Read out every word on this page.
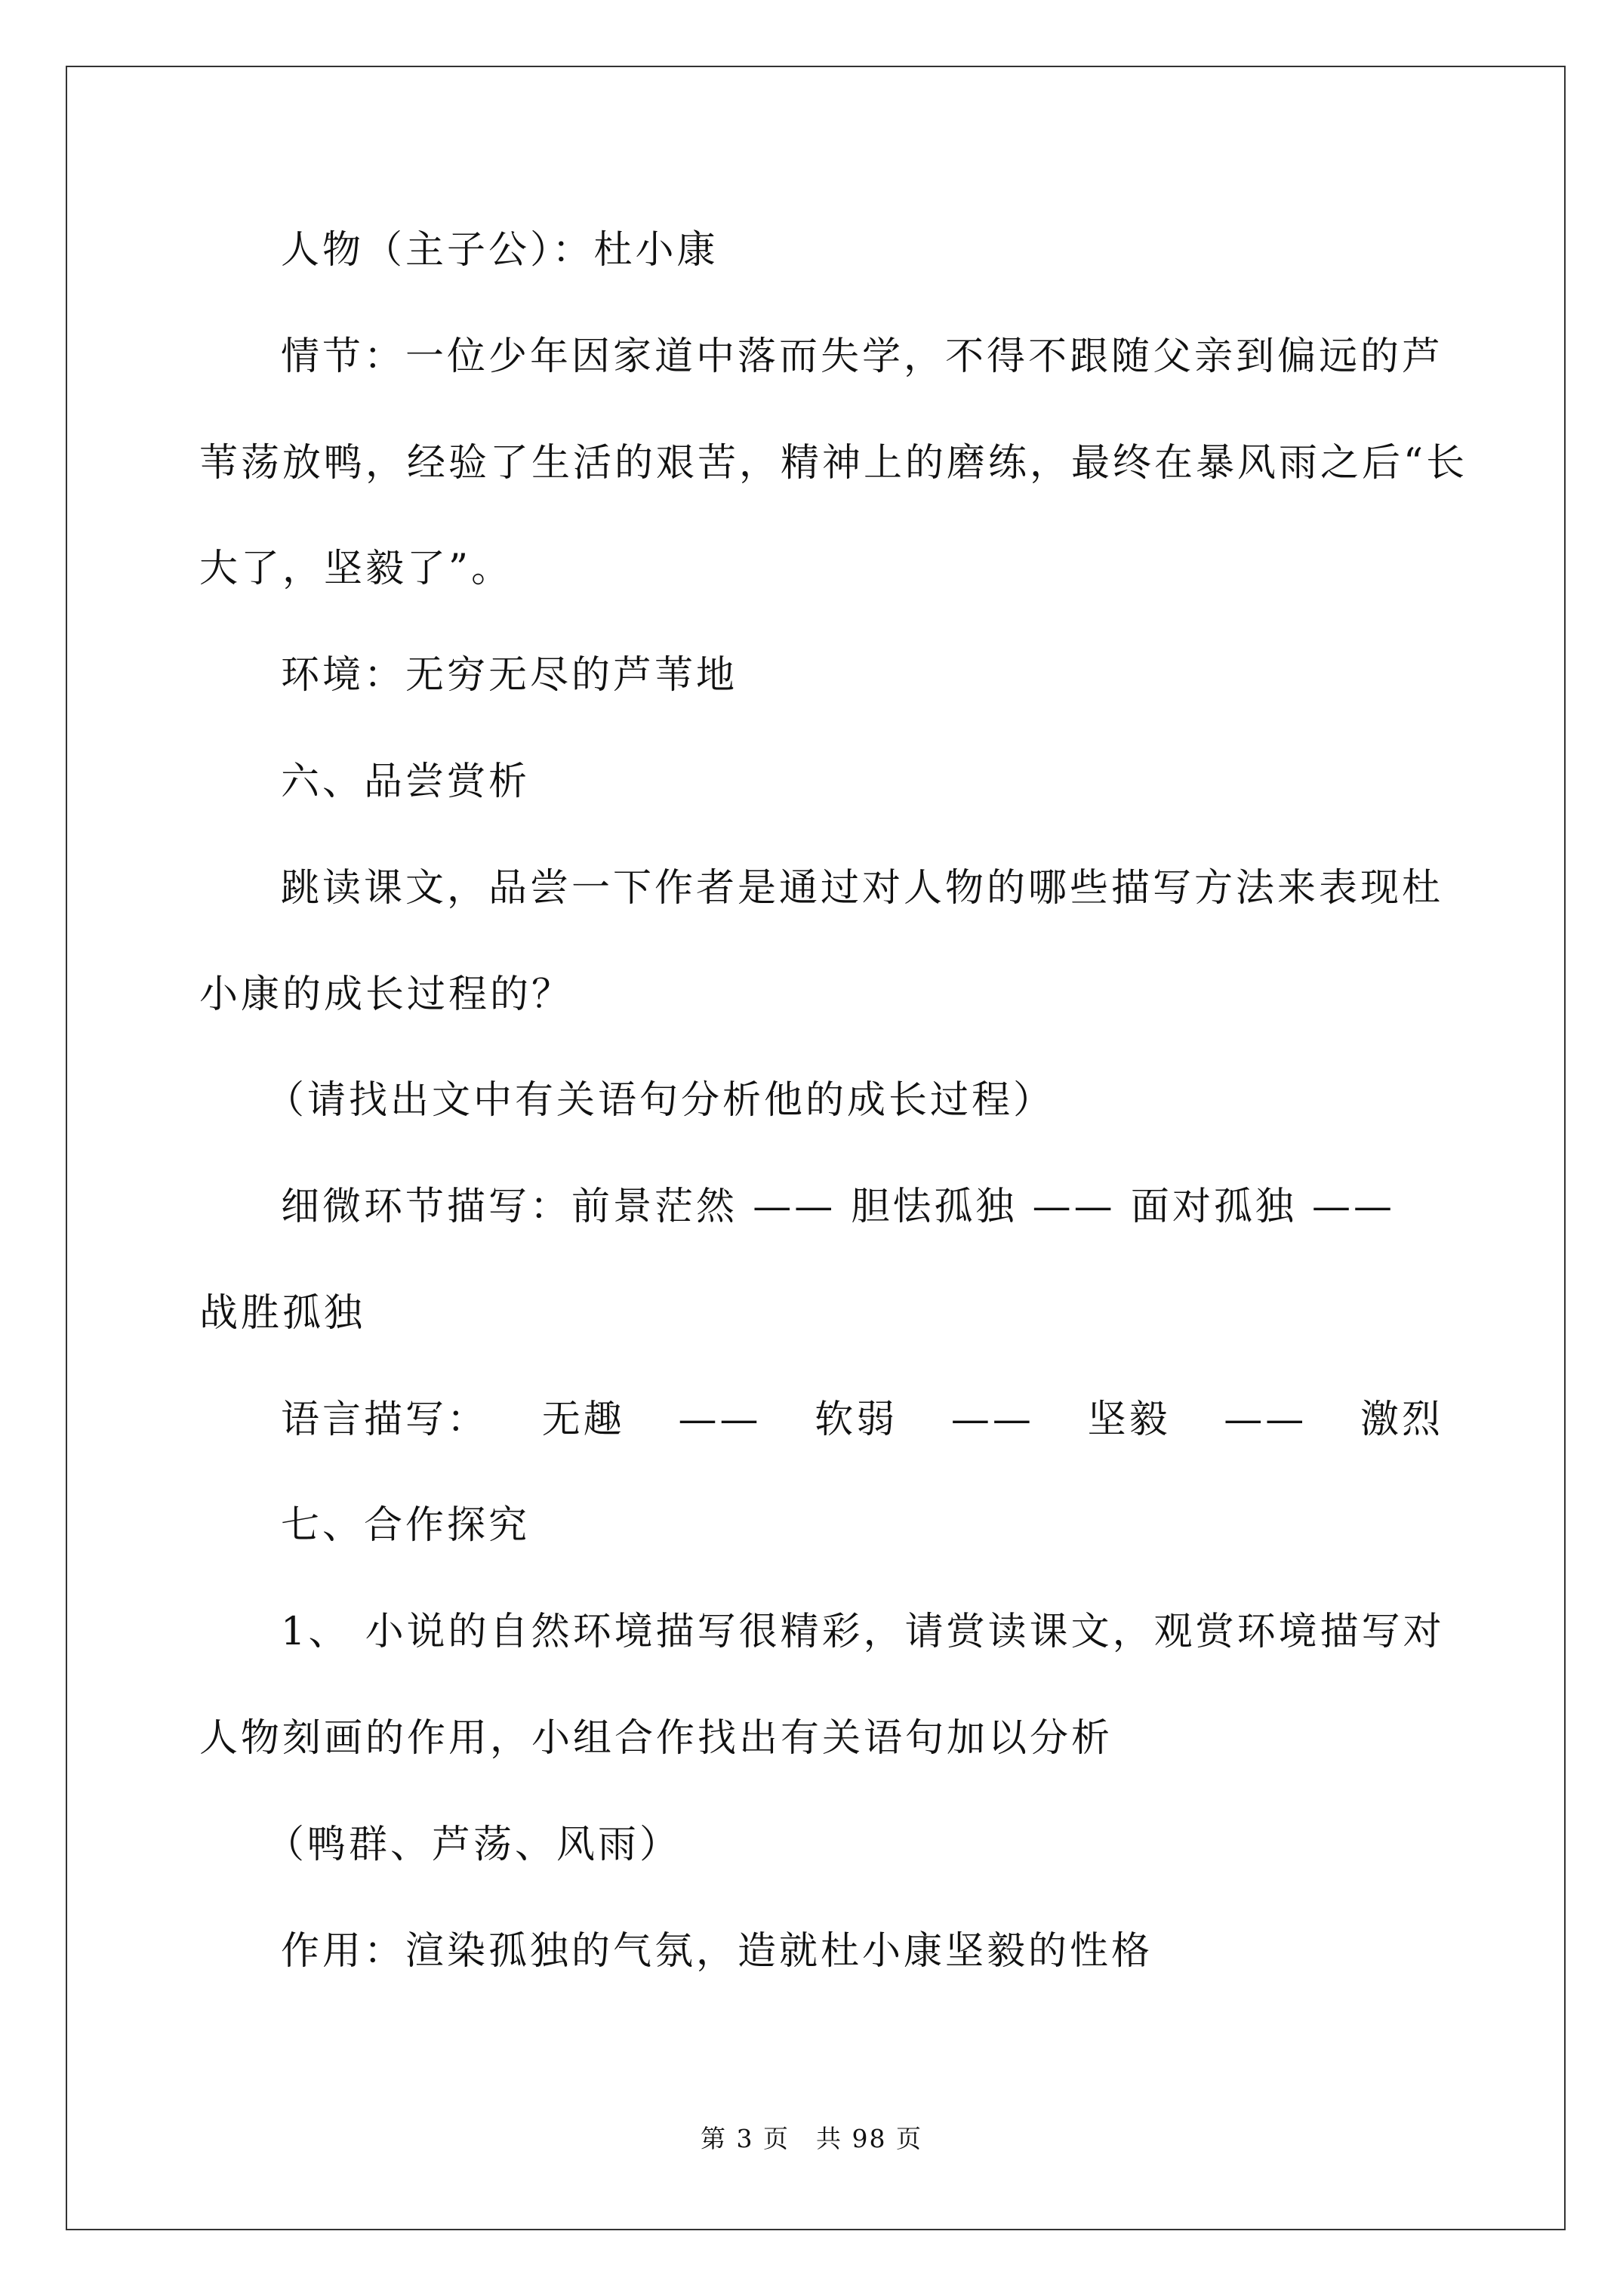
人物（主子公）：杜小康
情节：一位少年因家道中落而失学，不得不跟随父亲到偏远的芦
苇荡放鸭，经验了生活的艰苦，精神上的磨练，最终在暴风雨之后“长
大了，坚毅了”。
环境：无穷无尽的芦苇地
六、品尝赏析
跳读课文，品尝一下作者是通过对人物的哪些描写方法来表现杜
小康的成长过程的？
（请找出文中有关语句分析他的成长过程）
细微环节描写：前景茫然 —— 胆怯孤独 —— 面对孤独 ——
战胜孤独
语言描写： 无趣 —— 软弱 —— 坚毅 —— 激烈
七、合作探究
1、 小说的自然环境描写很精彩，请赏读课文，观赏环境描写对
人物刻画的作用，小组合作找出有关语句加以分析
（鸭群、芦荡、风雨）
作用：渲染孤独的气氛，造就杜小康坚毅的性格
第 3 页　共 98 页
